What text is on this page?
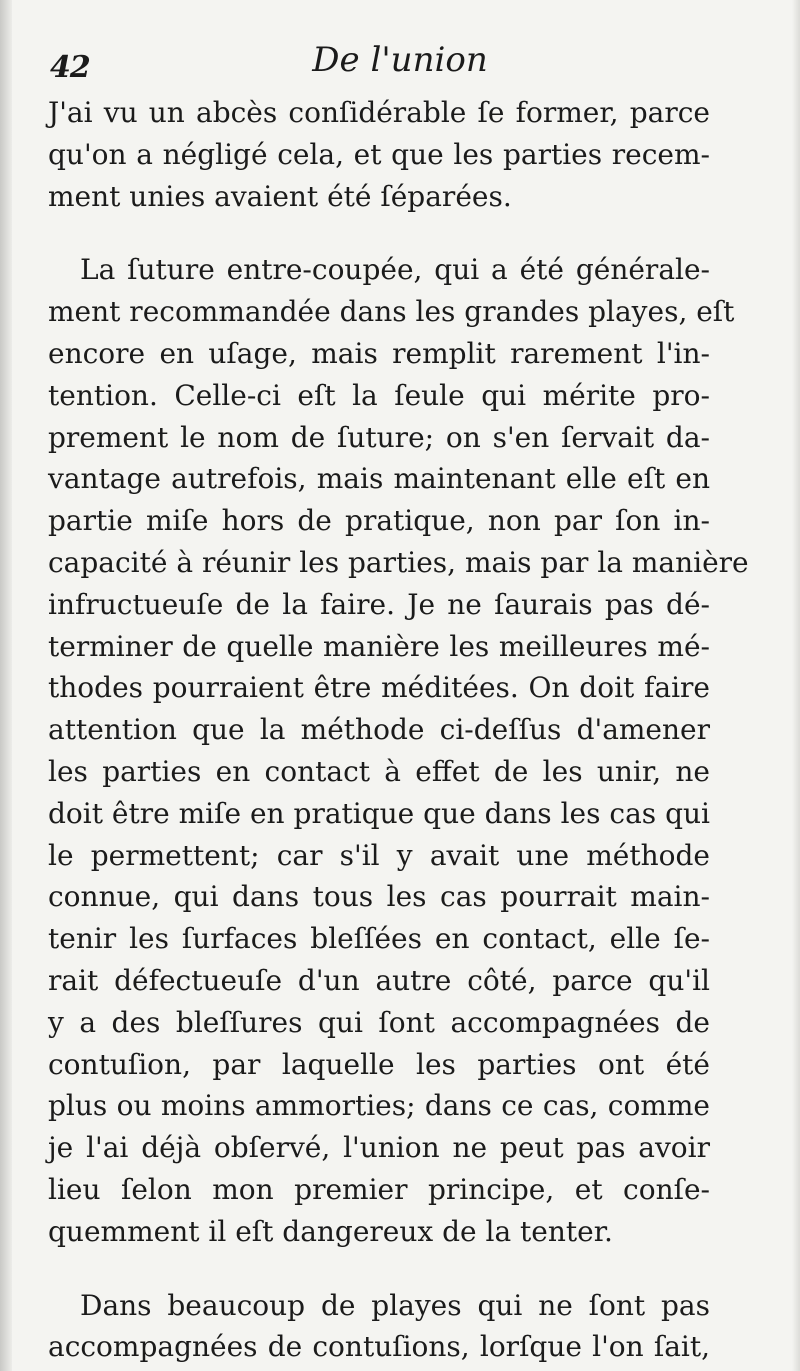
42	De l'union
J'ai vu un abcès conſidérable ſe former, parce
qu'on a négligé cela, et que les parties recem-
ment unies avaient été ſéparées.
La ſuture entre-coupée, qui a été générale-
ment recommandée dans les grandes playes, eſt
encore en uſage, mais remplit rarement l'in-
tention. Celle-ci eſt la ſeule qui mérite pro-
prement le nom de ſuture; on s'en ſervait da-
vantage autrefois, mais maintenant elle eſt en
partie miſe hors de pratique, non par ſon in-
capacité à réunir les parties, mais par la manière
infructueuſe de la faire. Je ne ſaurais pas dé-
terminer de quelle manière les meilleures mé-
thodes pourraient être méditées. On doit faire
attention que la méthode ci-deſſus d'amener
les parties en contact à effet de les unir, ne
doit être miſe en pratique que dans les cas qui
le permettent; car s'il y avait une méthode
connue, qui dans tous les cas pourrait main-
tenir les ſurfaces bleſſées en contact, elle ſe-
rait défectueuſe d'un autre côté, parce qu'il
y a des bleſſures qui ſont accompagnées de
contuſion, par laquelle les parties ont été
plus ou moins ammorties; dans ce cas, comme
je l'ai déjà obſervé, l'union ne peut pas avoir
lieu ſelon mon premier principe, et conſe-
quemment il eſt dangereux de la tenter.
Dans beaucoup de playes qui ne ſont pas
accompagnées de contuſions, lorſque l'on ſait,
